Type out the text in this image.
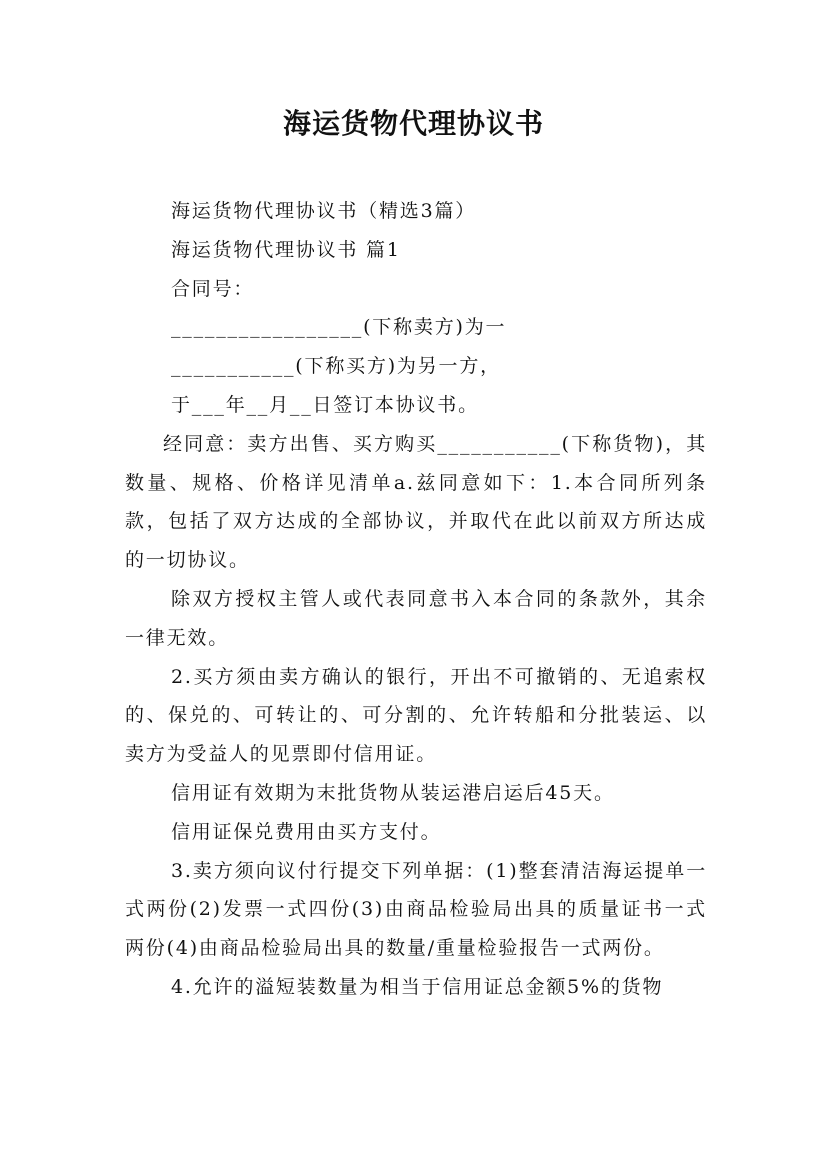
海运货物代理协议书

海运货物代理协议书（精选3篇）

海运货物代理协议书 篇1

合同号：

_________________(下称卖方)为一

___________(下称买方)为另一方，

于___年__月__日签订本协议书。

经同意：卖方出售、买方购买___________(下称货物)，其数量、规格、价格详见清单a.兹同意如下：1.本合同所列条款，包括了双方达成的全部协议，并取代在此以前双方所达成的一切协议。

除双方授权主管人或代表同意书入本合同的条款外，其余一律无效。

2.买方须由卖方确认的银行，开出不可撤销的、无追索权的、保兑的、可转让的、可分割的、允许转船和分批装运、以卖方为受益人的见票即付信用证。

信用证有效期为末批货物从装运港启运后45天。

信用证保兑费用由买方支付。

3.卖方须向议付行提交下列单据：(1)整套清洁海运提单一式两份(2)发票一式四份(3)由商品检验局出具的质量证书一式两份(4)由商品检验局出具的数量/重量检验报告一式两份。

4.允许的溢短装数量为相当于信用证总金额5%的货物
